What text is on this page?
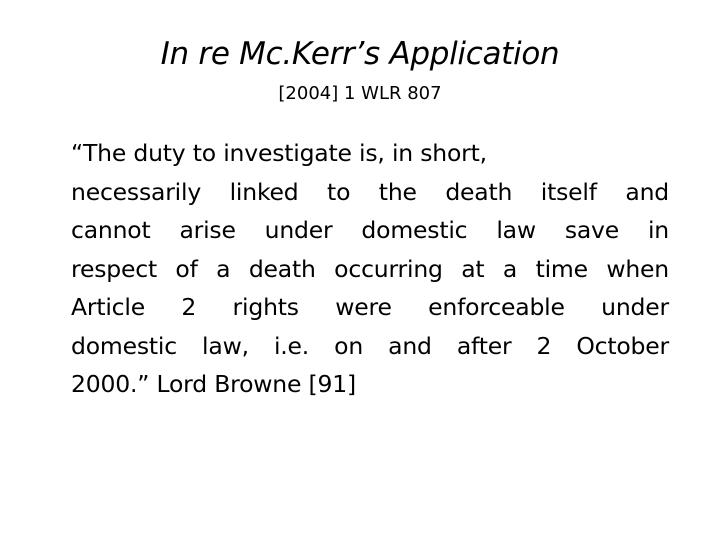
In re Mc.Kerr’s Application
[2004] 1 WLR 807
“The duty to investigate is, in short,
necessarily linked to the death itself and
cannot arise under domestic law save in
respect of a death occurring at a time when
Article 2 rights were enforceable under
domestic law, i.e. on and after 2 October
2000.” Lord Browne [91]
